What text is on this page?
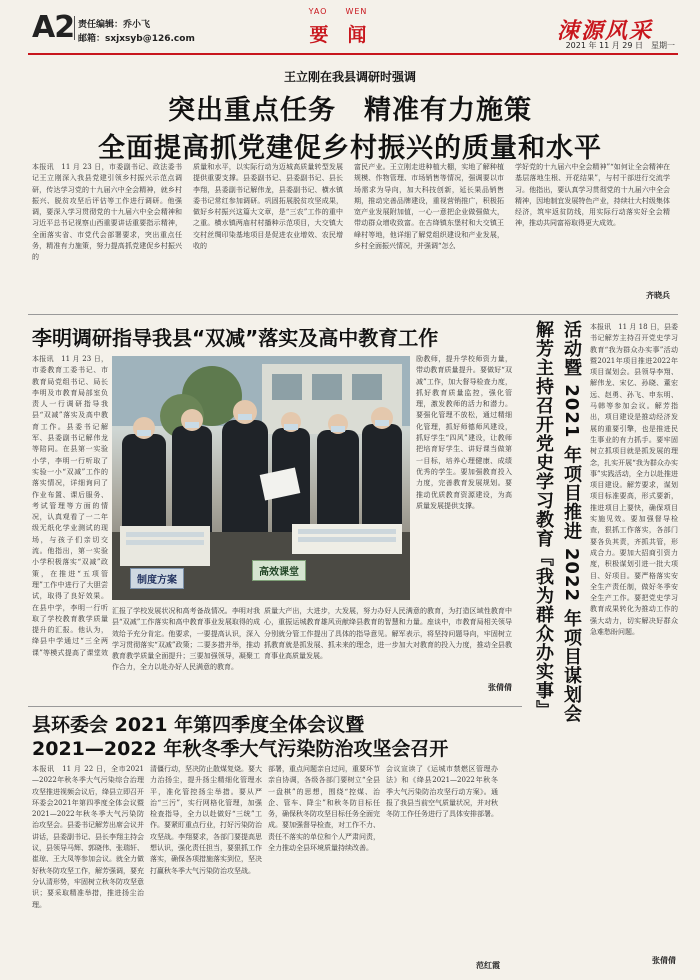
A2 责任编辑：乔小飞
邮箱：sxjxsyb@126.com
YAO　　WEN
要　闻	涑源风采
2021 年 11 月 29 日　星期一
王立刚在我县调研时强调
突出重点任务　精准有力施策
全面提高抓党建促乡村振兴的质量和水平
本报讯　11 月 23 日，市委副书记、政法委书记王立刚深入我县党建引领乡村振兴示范点调研，传达学习党的十九届六中全会精神，就乡村振兴、脱贫攻坚后评估等工作进行调研。他强调，要深入学习贯彻党的十九届六中全会精神和习近平总书记视察山西重要讲话重要指示精神，全面落实省、市党代会部署要求，突出重点任务，精准有力施策，努力提高抓党建促乡村振兴的
质量和水平，以实际行动为迈城高质量转型发展提供重要支撑。县委副书记、县委副书记、县长李翔，县委副书记解伟龙，县委副书记、横水镇委书记常红参加调研。巩固拓展脱贫攻坚成果，做好乡村振兴这篇大文章，是“三农”工作的重中之重。横水镇两庙村村播种示范项目，大交镇大交村丝绸印染基地项目是促进农业增效、农民增收的
富民产业。王立刚走进种植大棚，实地了解种植规模、作物管理、市场销售等情况，强调要以市场需求为导向，加大科技创新，延长果品销售期，推动完善品牌建设，重视营销推广，积极拓宽产业发展附加值，一心一意把企业做强做大，带动群众增收致富。在古绛镇东堡村和大交镇王峰村等地，他详细了解党组织建设和产业发展，乡村全面振兴情况，并强调“怎么
学好党的十九届六中全会精神”“如何让全会精神在基层落地生根、开花结果”，与村干部进行交流学习。他指出，要认真学习贯彻党的十九届六中全会精神，因地制宜发展特色产业，持续壮大村级集体经济，筑牢返贫防线，用实际行动落实好全会精神，推动共同富裕取得更大成效。
齐晓兵
李明调研指导我县“双减”落实及高中教育工作
本报讯　11 月 23 日，市委教育工委书记、市教育局党组书记、局长李明及市教育局部室负责人一行调研指导我县“双减”落实及高中教育工作。县委书记解军、县委副书记解伟龙等陪同。在县第一实验小学，李明一行听取了实验一小“双减”工作的落实情况，详细询问了作业布置、课后服务、考试管理等方面的情况，认真观看了一二年级无纸化学业测试的现场，与孩子们亲切交流。他指出，第一实验小学积极落实“双减”政策，在推进“五项管理”工作中进行了大胆尝试，取得了良好效果。在县中学，李明一行听取了学校教育教学质量提升的汇报。他认为，绛县中学通过“三全两课”等模式提高了课堂效
制度方案
高效课堂
励教师，提升学校师资力量，带动教育质量提升。要做好“双减”工作，加大督导检查力度，抓好教育质量监控，强化管理，激发教师的活力和潜力。要强化管理不放松，通过精细化管理，抓好师德师风建设，抓好学生“四风”建设，让教师把培育好学生、讲好课当做第一目标，培养心理健康、成绩优秀的学生。要加强教育投入力度，完善教育发展规划。要推动优质教育资源建设，为高质量发展提供支撑。
汇报了学校发展状况和高考备战情况。李明对我县“双减”工作落实和高中教育事业发展取得的成效给予充分肯定。他要求，一要提高认识，深入学习贯彻落实“双减”政策；二要多措并举，推动教育教学质量全面提升；三要加强领导，凝聚工作合力，全力以赴办好人民满意的教育。
质量大产出，大进步，大发展，努力办好人民满意的教育，为打造区域性教育中心，重振运城教育雄风贡献绛县教育的智慧和力量。座谈中，市教育局相关领导分别就分管工作提出了具体的指导意见。解军表示，将坚持问题导向，牢固树立抓教育就是抓发展、抓未来的理念，进一步加大对教育的投入力度，推动全县教育事业高质量发展。
张倩倩 解芳主持召开党史学习教育『我为群众办实事』 活动暨 2021 年项目推进 2022 年项目谋划会 本报讯　11 月 18 日，县委书记解芳主持召开党史学习教育“我为群众办实事”活动暨2021年项目推进2022年项目谋划会。县领导李翔、解伟龙、宋亿、孙晓、董宏远、赵勇、孙飞、申东明、马韩等参加会议。解芳指出，项目建设是推动经济发展的重要引擎，也是推进民生事业的有力抓手。要牢固树立抓项目就是抓发展的理念，扎实开展“我为群众办实事”实践活动，全力以赴推进项目建设。解芳要求，谋划项目标准要高，形式要新，推进项目上要快，确保项目实施见效。要加强督导检查，狠抓工作落实，各部门要各负其责，齐抓共管，形成合力。要加大招商引资力度，积极谋划引进一批大项目、好项目。要严格落实安全生产责任制，做好冬季安全生产工作。要把党史学习教育成果转化为推动工作的强大动力，切实解决好群众急难愁盼问题。
张倩倩
县环委会 2021 年第四季度全体会议暨
2021—2022 年秋冬季大气污染防治攻坚会召开
本报讯　11 月 22 日，全市2021—2022年秋冬季大气污染综合治理攻坚推进视频会议后，绛县立即召开环委会2021年第四季度全体会议暨2021—2022年秋冬季大气污染防治攻坚会。县委书记解芳出席会议并讲话，县委副书记、县长李翔主持会议，县领导马辉、郭晓伟、张瑞轩、崔琼、王大凤等参加会议。就全力做好秋冬防攻坚工作，解芳强调，要充分认清形势，牢固树立秋冬防攻坚意识；要采取精准举措，推进扬尘治理。
清僵行动，坚决防止散煤复烧。要大力治扬尘，提升扬尘精细化管理水平，准化管控扬尘举措。要从严治“三污”，实行网格化管理，加强检查指导，全力以赴做好“三统”工作。要紧盯重点行业，打好污染防治攻坚战。李翔要求，各部门要提高思想认识，强化责任担当，要狠抓工作落实，确保各项措施落实到位，坚决打赢秋冬季大气污染防治攻坚战。
部署，重点问题亲自过问，重要环节亲自协调，各级各部门要树立“全县一盘棋”的思想，围绕“控煤、治企、管车、降尘”和秋冬防目标任务，确保秋冬防攻坚目标任务全面完成。要加强督导检查，对工作不力、责任不落实的单位和个人严肃问责，全力推动全县环境质量持续改善。
会议宣读了《运城市禁燃区管理办法》和《绛县2021—2022年秋冬季大气污染防治攻坚行动方案》。通报了我县当前空气质量状况，并对秋冬防工作任务进行了具体安排部署。
范红霞
